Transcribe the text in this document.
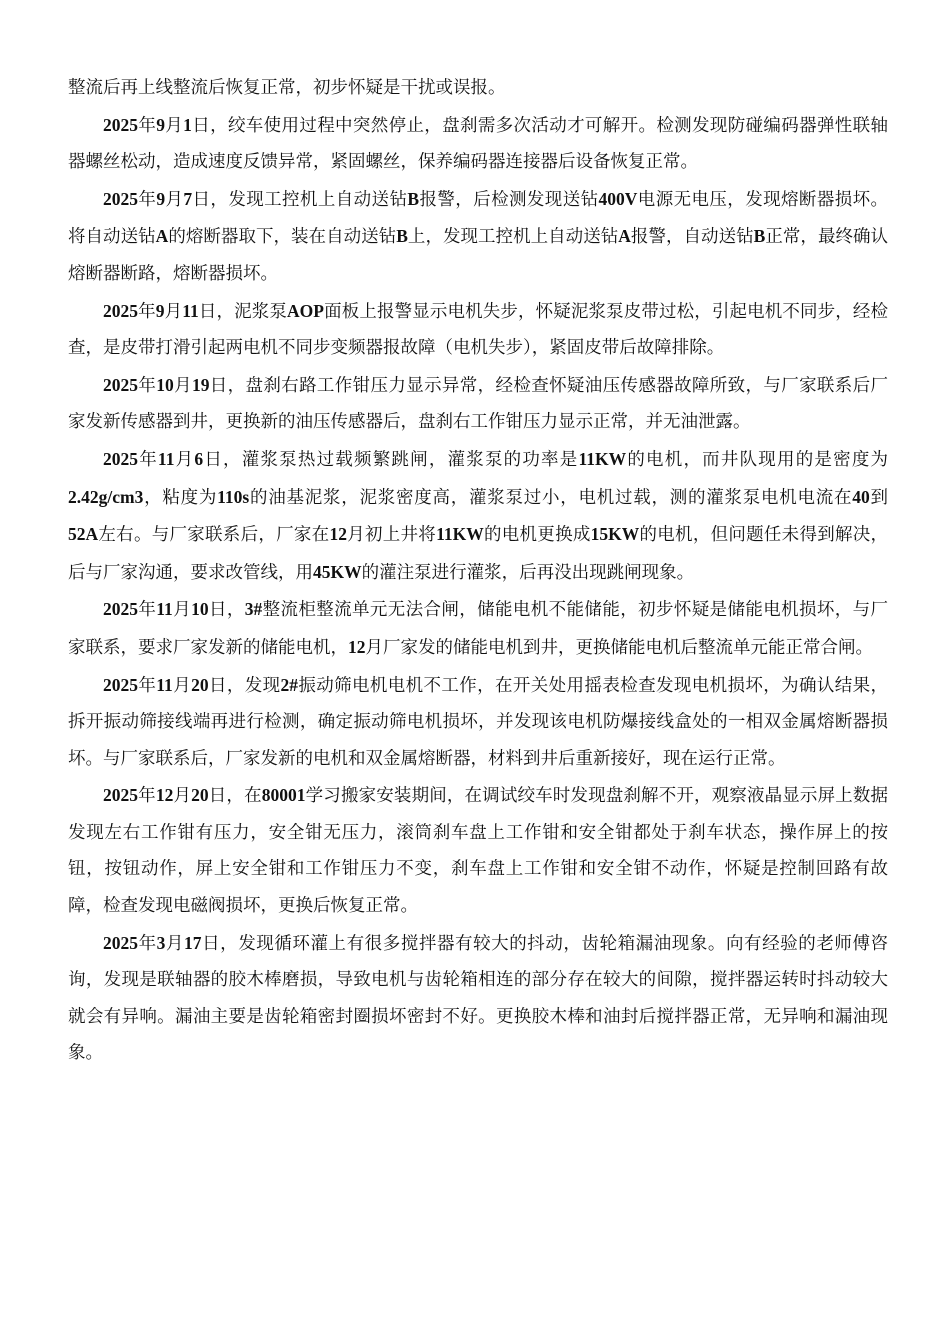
整流后再上线整流后恢复正常，初步怀疑是干扰或误报。

2025年9月1日，绞车使用过程中突然停止，盘刹需多次活动才可解开。检测发现防碰编码器弹性联轴器螺丝松动，造成速度反馈异常，紧固螺丝，保养编码器连接器后设备恢复正常。

2025年9月7日，发现工控机上自动送钻B报警，后检测发现送钻400V电源无电压，发现熔断器损坏。将自动送钻A的熔断器取下，装在自动送钻B上，发现工控机上自动送钻A报警，自动送钻B正常，最终确认熔断器断路，熔断器损坏。

2025年9月11日，泥浆泵AOP面板上报警显示电机失步，怀疑泥浆泵皮带过松，引起电机不同步，经检查，是皮带打滑引起两电机不同步变频器报故障（电机失步），紧固皮带后故障排除。

2025年10月19日，盘刹右路工作钳压力显示异常，经检查怀疑油压传感器故障所致，与厂家联系后厂家发新传感器到井，更换新的油压传感器后，盘刹右工作钳压力显示正常，并无油泄露。

2025年11月6日，灌浆泵热过载频繁跳闸，灌浆泵的功率是11KW的电机，而井队现用的是密度为2.42g/cm3，粘度为110s的油基泥浆，泥浆密度高，灌浆泵过小，电机过载，测的灌浆泵电机电流在40到52A左右。与厂家联系后，厂家在12月初上井将11KW的电机更换成15KW的电机，但问题任未得到解决，后与厂家沟通，要求改管线，用45KW的灌注泵进行灌浆，后再没出现跳闸现象。

2025年11月10日，3#整流柜整流单元无法合闸，储能电机不能储能，初步怀疑是储能电机损坏，与厂家联系，要求厂家发新的储能电机，12月厂家发的储能电机到井，更换储能电机后整流单元能正常合闸。

2025年11月20日，发现2#振动筛电机电机不工作，在开关处用摇表检查发现电机损坏，为确认结果，拆开振动筛接线端再进行检测，确定振动筛电机损坏，并发现该电机防爆接线盒处的一相双金属熔断器损坏。与厂家联系后，厂家发新的电机和双金属熔断器，材料到井后重新接好，现在运行正常。

2025年12月20日，在80001学习搬家安装期间，在调试绞车时发现盘刹解不开，观察液晶显示屏上数据发现左右工作钳有压力，安全钳无压力，滚筒刹车盘上工作钳和安全钳都处于刹车状态，操作屏上的按钮，按钮动作，屏上安全钳和工作钳压力不变，刹车盘上工作钳和安全钳不动作，怀疑是控制回路有故障，检查发现电磁阀损坏，更换后恢复正常。

2025年3月17日，发现循环灌上有很多搅拌器有较大的抖动，齿轮箱漏油现象。向有经验的老师傅咨询，发现是联轴器的胶木棒磨损，导致电机与齿轮箱相连的部分存在较大的间隙，搅拌器运转时抖动较大就会有异响。漏油主要是齿轮箱密封圈损坏密封不好。更换胶木棒和油封后搅拌器正常，无异响和漏油现象。
